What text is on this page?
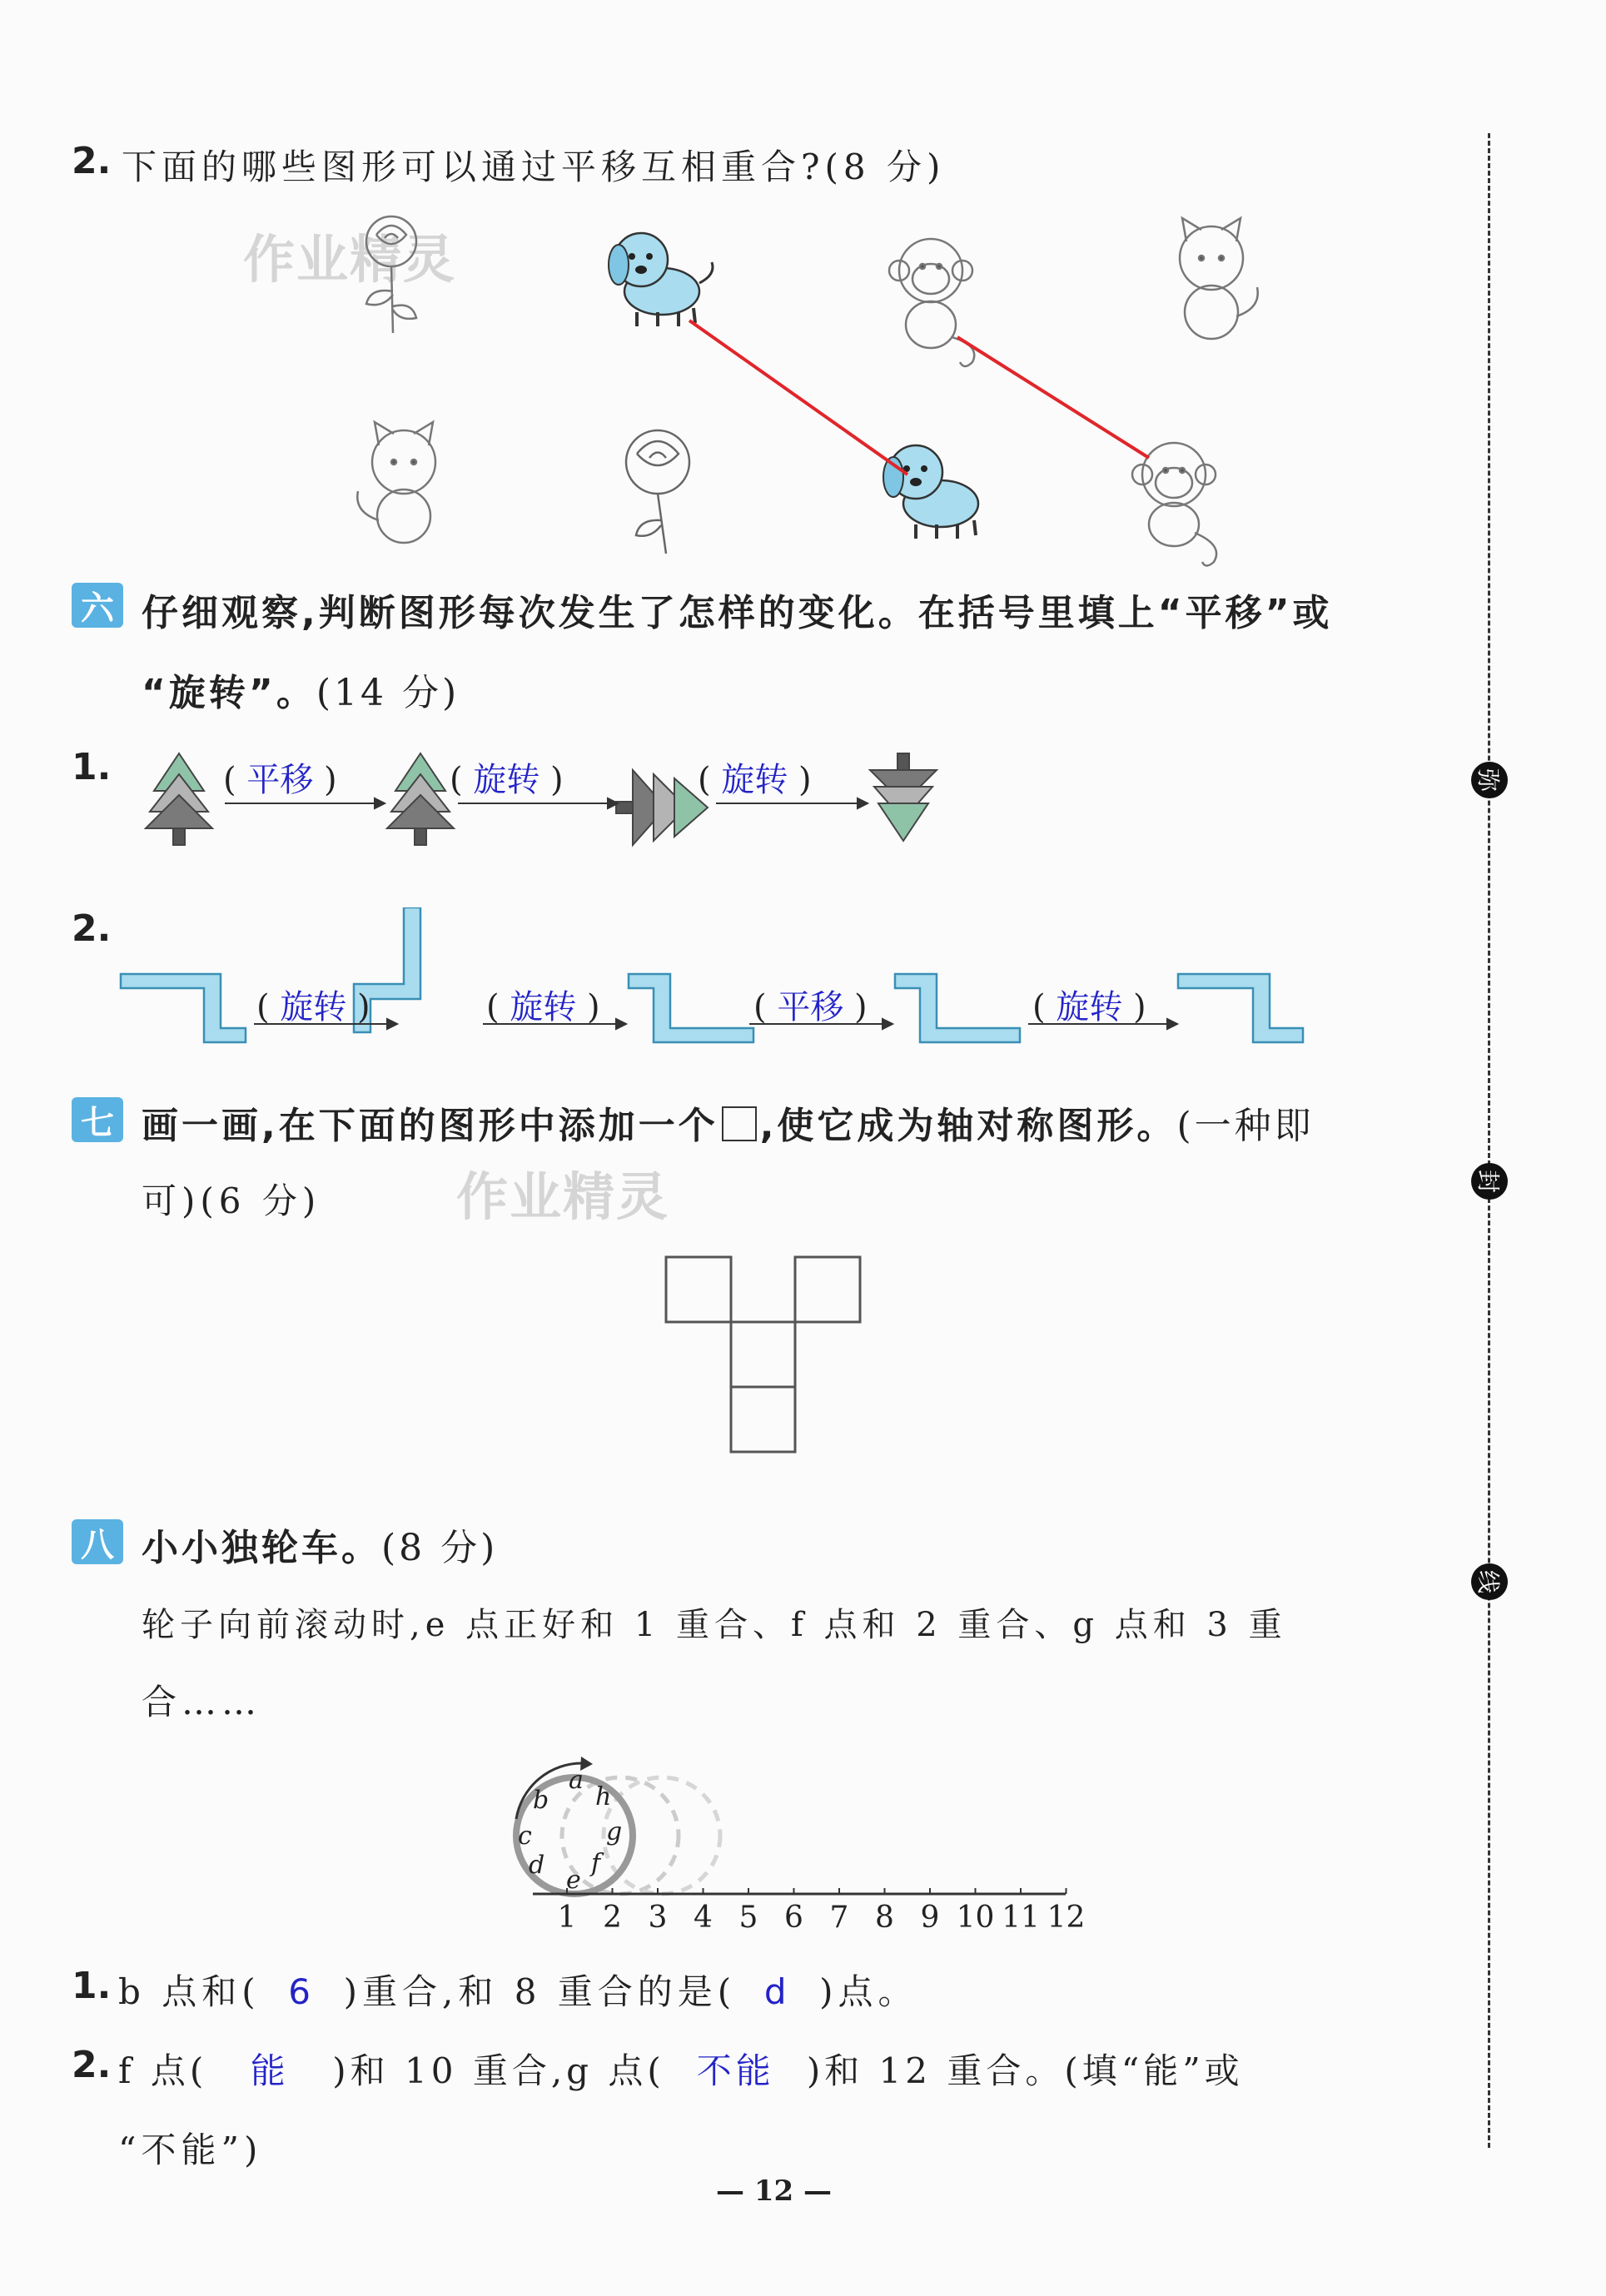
2. 下面的哪些图形可以通过平移互相重合?(8 分)
作业精灵
六 仔细观察,判断图形每次发生了怎样的变化。在括号里填上“平移”或
“旋转”。(14 分)
1.	( 平移 )	( 旋转 )	( 旋转 )
2.
( 旋转 )	( 旋转 )	( 平移 )	( 旋转 )
七 画一画,在下面的图形中添加一个 ,使它成为轴对称图形。(一种即
可)(6 分)	作业精灵
八 小小独轮车。(8 分)
轮子向前滚动时,e 点正好和 1 重合、f 点和 2 重合、g 点和 3 重
合……
a
h
g
f
e
d
c
b
1 2 3 4 5 6 7 8 9 10 11 12
1. b 点和( 6 )重合,和 8 重合的是( d )点。
2. f 点( 能 )和 10 重合,g 点( 不能 )和 12 重合。(填“能”或
“不能”)
弥
封
线
— 12 —
